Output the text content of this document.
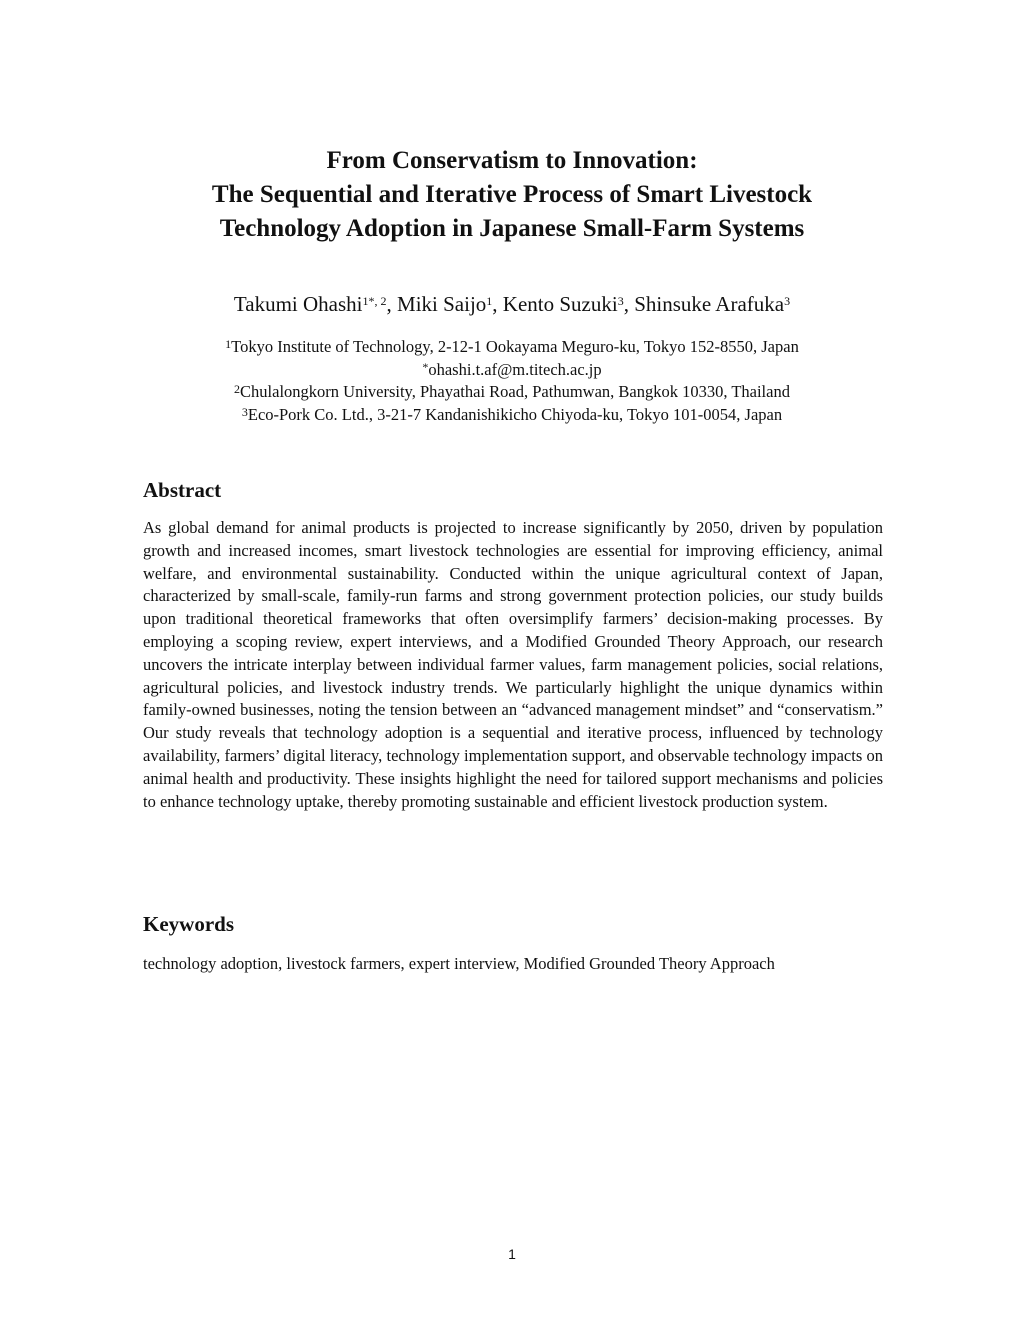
From Conservatism to Innovation:
The Sequential and Iterative Process of Smart Livestock
Technology Adoption in Japanese Small-Farm Systems
Takumi Ohashi$^{1*, 2}$, Miki Saijo$^1$, Kento Suzuki$^3$, Shinsuke Arafuka$^3$
$^1$Tokyo Institute of Technology, 2-12-1 Ookayama Meguro-ku, Tokyo 152-8550, Japan
*ohashi.t.af@m.titech.ac.jp
$^2$Chulalongkorn University, Phayathai Road, Pathumwan, Bangkok 10330, Thailand
$^3$Eco-Pork Co. Ltd., 3-21-7 Kandanishikicho Chiyoda-ku, Tokyo 101-0054, Japan
Abstract

As global demand for animal products is projected to increase significantly by 2050, driven by population growth and increased incomes, smart livestock technologies are essential for improving efficiency, animal welfare, and environmental sustainability. Conducted within the unique agricultural context of Japan, characterized by small-scale, family-run farms and strong government protection policies, our study builds upon traditional theoretical frameworks that often oversimplify farmers’ decision-making processes. By employing a scoping review, expert interviews, and a Modified Grounded Theory Approach, our research uncovers the intricate interplay between individual farmer values, farm management policies, social relations, agricultural policies, and livestock industry trends. We particularly highlight the unique dynamics within family-owned businesses, noting the tension between an “advanced management mindset” and “conservatism.” Our study reveals that technology adoption is a sequential and iterative process, influenced by technology availability, farmers’ digital literacy, technology implementation support, and observable technology impacts on animal health and productivity. These insights highlight the need for tailored support mechanisms and policies to enhance technology uptake, thereby promoting sustainable and efficient livestock production system.

Keywords

technology adoption, livestock farmers, expert interview, Modified Grounded Theory Approach

1
